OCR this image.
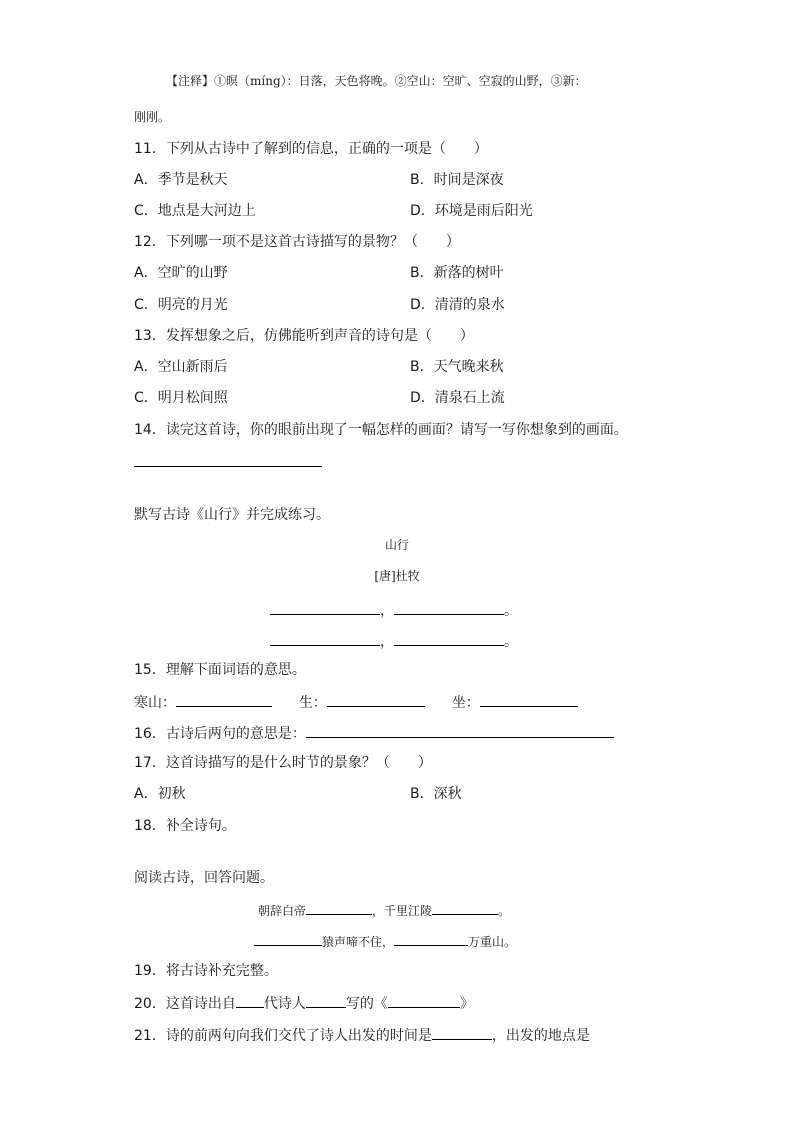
【注释】①暝（míng）：日落，天色将晚。②空山：空旷、空寂的山野，③新：
刚刚。
11．下列从古诗中了解到的信息，正确的一项是（　　）
A．季节是秋天	B．时间是深夜
C．地点是大河边上	D．环境是雨后阳光
12．下列哪一项不是这首古诗描写的景物？（　　）
A．空旷的山野	B．新落的树叶
C．明亮的月光	D．清清的泉水
13．发挥想象之后，仿佛能听到声音的诗句是（　　）
A．空山新雨后	B．天气晚来秋
C．明月松间照	D．清泉石上流
14．读完这首诗，你的眼前出现了一幅怎样的画面？请写一写你想象到的画面。
默写古诗《山行》并完成练习。
山行
[唐]杜牧
，	。
，	。
15．理解下面词语的意思。
寒山：	生：	坐：
16．古诗后两句的意思是：
17．这首诗描写的是什么时节的景象？（　　）
A．初秋	B．深秋
18．补全诗句。
阅读古诗，回答问题。
朝辞白帝	，千里江陵	。
猿声啼不住，	万重山。
19．将古诗补充完整。
20．这首诗出自 代诗人	写的《	》
21．诗的前两句向我们交代了诗人出发的时间是	，出发的地点是
